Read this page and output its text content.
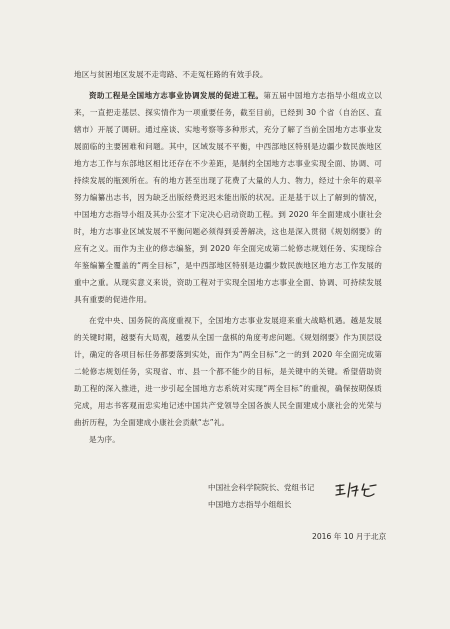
地区与贫困地区发展不走弯路、不走冤枉路的有效手段。

资助工程是全国地方志事业协调发展的促进工程。第五届中国地方志指导小组成立以来，一直把走基层、探实情作为一项重要任务，截至目前，已经到 30 个省（自治区、直辖市）开展了调研。通过座谈、实地考察等多种形式，充分了解了当前全国地方志事业发展面临的主要困难和问题。其中，区域发展不平衡，中西部地区特别是边疆少数民族地区地方志工作与东部地区相比还存在不少差距，是制约全国地方志事业实现全面、协调、可持续发展的瓶颈所在。有的地方甚至出现了花费了大量的人力、物力，经过十余年的艰辛努力编纂出志书，因为缺乏出版经费迟迟未能出版的状况。正是基于以上了解到的情况，中国地方志指导小组及其办公室才下定决心启动资助工程。到 2020 年全面建成小康社会时，地方志事业区域发展不平衡问题必须得到妥善解决，这也是深入贯彻《规划纲要》的应有之义。而作为主业的修志编鉴，到 2020 年全面完成第二轮修志规划任务、实现综合年鉴编纂全覆盖的“两全目标”，是中西部地区特别是边疆少数民族地区地方志工作发展的重中之重。从现实意义来说，资助工程对于实现全国地方志事业全面、协调、可持续发展具有重要的促进作用。

在党中央、国务院的高度重视下，全国地方志事业发展迎来重大战略机遇。越是发展的关键时期，越要有大局观，越要从全国一盘棋的角度考虑问题。《规划纲要》作为顶层设计，确定的各项目标任务都要落到实处，而作为“两全目标”之一的到 2020 年全面完成第二轮修志规划任务，实现省、市、县一个都不能少的目标，是关键中的关键。希望借助资助工程的深入推进，进一步引起全国地方志系统对实现“两全目标”的重视，确保按期保质完成，用志书客观而忠实地记述中国共产党领导全国各族人民全面建成小康社会的光荣与曲折历程，为全面建成小康社会贡献“志”礼。

是为序。

中国社会科学院院长、党组书记
中国地方志指导小组组长
2016 年 10 月于北京
